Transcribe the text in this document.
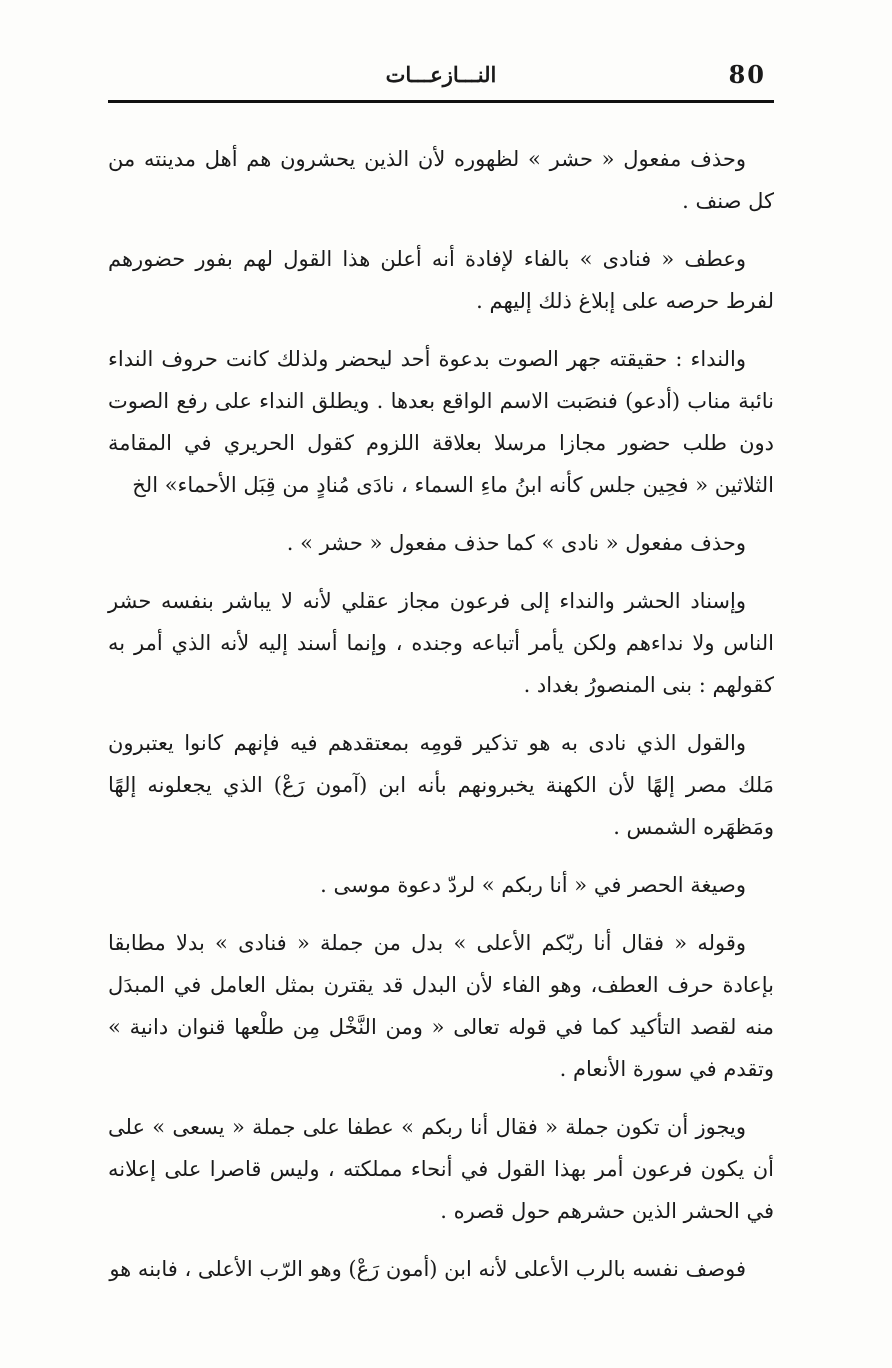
80
النـــازعـــات

وحذف مفعول « حشر » لظهوره لأن الذين يحشرون هم أهل مدينته من كل صنف .

وعطف « فنادى » بالفاء لإفادة أنه أعلن هذا القول لهم بفور حضورهم لفرط حرصه على إبلاغ ذلك إليهم .

والنداء : حقيقته جهر الصوت بدعوة أحد ليحضر ولذلك كانت حروف النداء نائبة مناب (أدعو) فنصَبت الاسم الواقع بعدها . ويطلق النداء على رفع الصوت دون طلب حضور مجازا مرسلا بعلاقة اللزوم كقول الحريري في المقامة الثلاثين « فحِين جلس كأنه ابنُ ماءِ السماء ، نادَى مُنادٍ من قِبَل الأحماء» الخ

وحذف مفعول « نادى » كما حذف مفعول « حشر » .

وإسناد الحشر والنداء إلى فرعون مجاز عقلي لأنه لا يباشر بنفسه حشر الناس ولا نداءهم ولكن يأمر أتباعه وجنده ، وإنما أسند إليه لأنه الذي أمر به كقولهم : بنى المنصورُ بغداد .

والقول الذي نادى به هو تذكير قومِه بمعتقدهم فيه فإنهم كانوا يعتبرون مَلك مصر إلهًا لأن الكهنة يخبرونهم بأنه ابن (آمون رَعْ) الذي يجعلونه إلهًا ومَظهَره الشمس .

وصيغة الحصر في « أنا ربكم » لردّ دعوة موسى .

وقوله « فقال أنا ربّكم الأعلى » بدل من جملة « فنادى » بدلا مطابقا بإعادة حرف العطف، وهو الفاء لأن البدل قد يقترن بمثل العامل في المبدَل منه لقصد التأكيد كما في قوله تعالى « ومن النَّخْل مِن طلْعها قنوان دانية » وتقدم في سورة الأنعام .

ويجوز أن تكون جملة « فقال أنا ربكم » عطفا على جملة « يسعى » على أن يكون فرعون أمر بهذا القول في أنحاء مملكته ، وليس قاصرا على إعلانه في الحشر الذين حشرهم حول قصره .

فوصف نفسه بالرب الأعلى لأنه ابن (أمون رَعْ) وهو الرّب الأعلى ، فابنه هو
